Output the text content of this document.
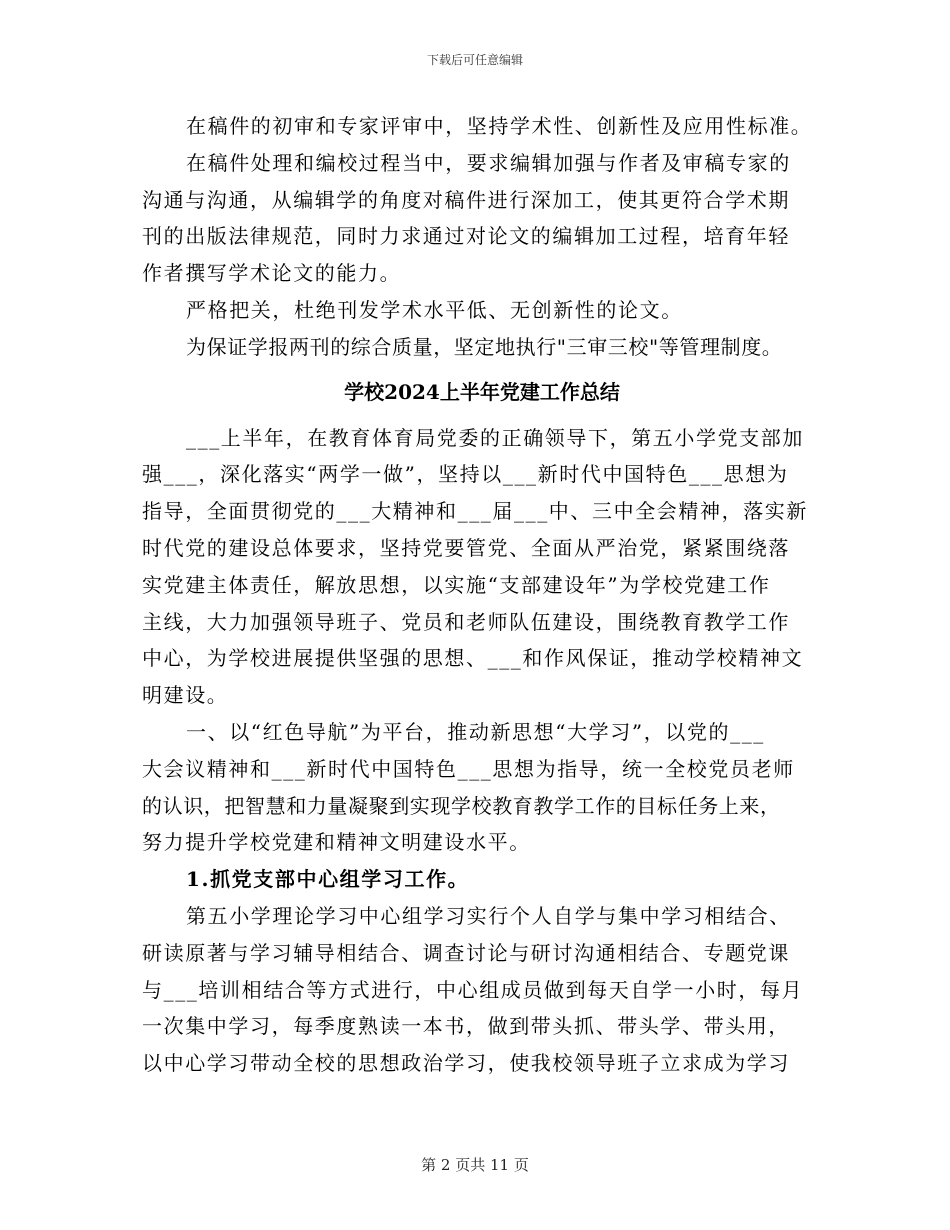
下载后可任意编辑
在稿件的初审和专家评审中，坚持学术性、创新性及应用性标准。
在稿件处理和编校过程当中，要求编辑加强与作者及审稿专家的
沟通与沟通，从编辑学的角度对稿件进行深加工，使其更符合学术期
刊的出版法律规范，同时力求通过对论文的编辑加工过程，培育年轻
作者撰写学术论文的能力。
严格把关，杜绝刊发学术水平低、无创新性的论文。
为保证学报两刊的综合质量，坚定地执行"三审三校"等管理制度。
学校2024上半年党建工作总结
___上半年，在教育体育局党委的正确领导下，第五小学党支部加
强___，深化落实“两学一做”，坚持以___新时代中国特色___思想为
指导，全面贯彻党的___大精神和___届___中、三中全会精神，落实新
时代党的建设总体要求，坚持党要管党、全面从严治党，紧紧围绕落
实党建主体责任，解放思想，以实施“支部建设年”为学校党建工作
主线，大力加强领导班子、党员和老师队伍建设，围绕教育教学工作
中心，为学校进展提供坚强的思想、___和作风保证，推动学校精神文
明建设。
一、以“红色导航”为平台，推动新思想“大学习”，以党的___
大会议精神和___新时代中国特色___思想为指导，统一全校党员老师
的认识，把智慧和力量凝聚到实现学校教育教学工作的目标任务上来，
努力提升学校党建和精神文明建设水平。
1.抓党支部中心组学习工作。
第五小学理论学习中心组学习实行个人自学与集中学习相结合、
研读原著与学习辅导相结合、调查讨论与研讨沟通相结合、专题党课
与___培训相结合等方式进行，中心组成员做到每天自学一小时，每月
一次集中学习，每季度熟读一本书，做到带头抓、带头学、带头用，
以中心学习带动全校的思想政治学习，使我校领导班子立求成为学习
第 2 页共 11 页
